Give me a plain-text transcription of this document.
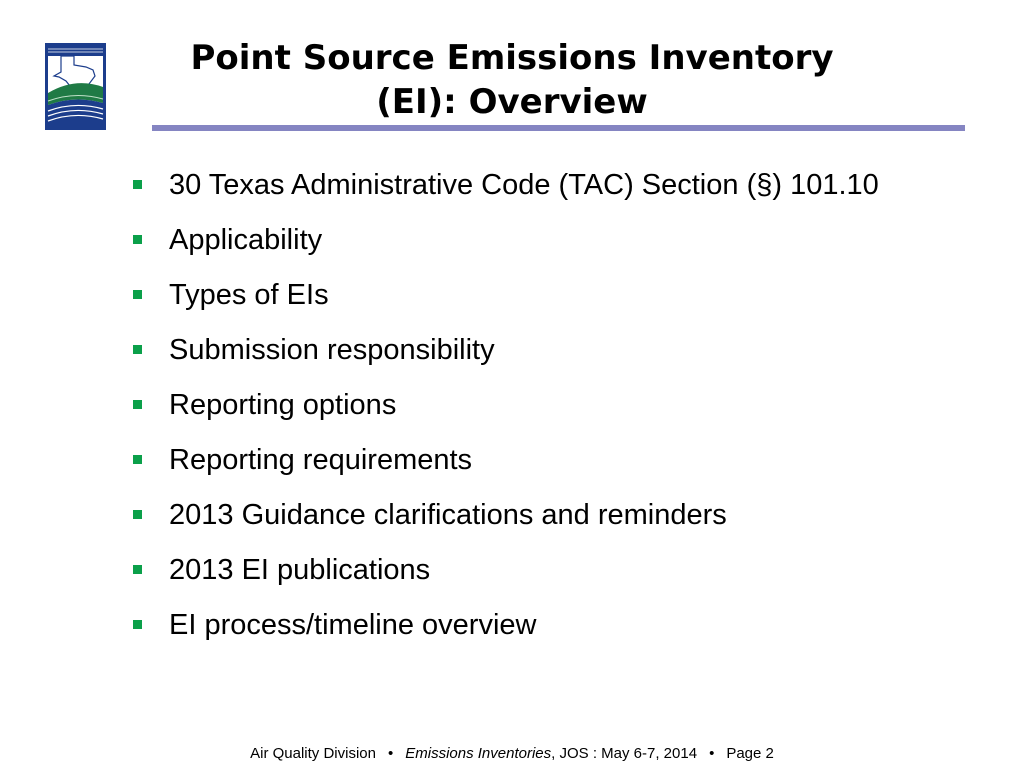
Point Source Emissions Inventory
(EI): Overview
30 Texas Administrative Code (TAC) Section (§) 101.10
Applicability
Types of EIs
Submission responsibility
Reporting options
Reporting requirements
2013 Guidance clarifications and reminders
2013 EI publications
EI process/timeline overview
Air Quality Division • Emissions Inventories, JOS : May 6-7, 2014 • Page 2
